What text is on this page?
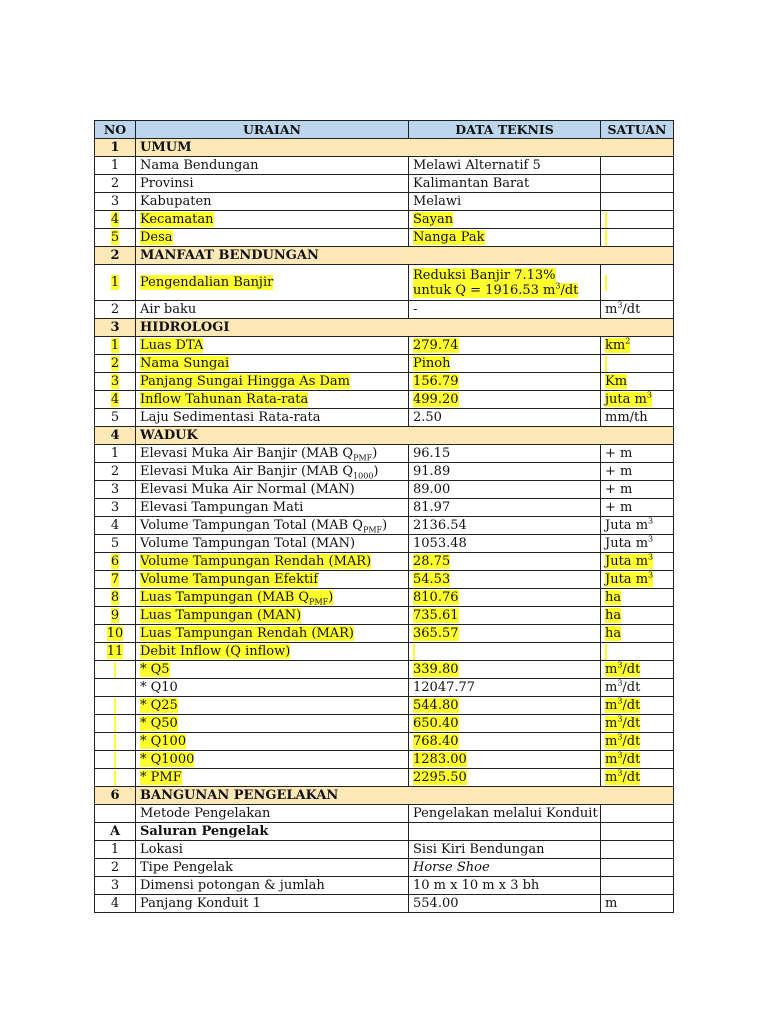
NO	URAIAN	DATA TEKNIS	SATUAN
1	UMUM		
1	Nama Bendungan	Melawi Alternatif 5	
2	Provinsi	Kalimantan Barat	
3	Kabupaten	Melawi	
4	Kecamatan	Sayan	
5	Desa	Nanga Pak	
2	MANFAAT BENDUNGAN		
1	Pengendalian Banjir	Reduksi Banjir 7.13%
untuk Q = 1916.53 $m^3/dt$	
2	Air baku	-	$m^3/dt$
3	HIDROLOGI		
1	Luas DTA	279.74	$km^2$
2	Nama Sungai	Pinoh	
3	Panjang Sungai Hingga As Dam	156.79	Km
4	Inflow Tahunan Rata-rata	499.20	juta $m^3$
5	Laju Sedimentasi Rata-rata	2.50	mm/th
4	WADUK		
1	Elevasi Muka Air Banjir (MAB $Q_{PMF}$)	96.15	+ m
2	Elevasi Muka Air Banjir (MAB $Q_{1000}$)	91.89	+ m
3	Elevasi Muka Air Normal (MAN)	89.00	+ m
3	Elevasi Tampungan Mati	81.97	+ m
4	Volume Tampungan Total (MAB $Q_{PMF}$)	2136.54	Juta $m^3$
5	Volume Tampungan Total (MAN)	1053.48	Juta $m^3$
6	Volume Tampungan Rendah (MAR)	28.75	Juta $m^3$
7	Volume Tampungan Efektif	54.53	Juta $m^3$
8	Luas Tampungan (MAB $Q_{PMF}$)	810.76	ha
9	Luas Tampungan (MAN)	735.61	ha
10	Luas Tampungan Rendah (MAR)	365.57	ha
11	Debit Inflow (Q inflow)		
	* Q5	339.80	$m^3/dt$
	* Q10	12047.77	$m^3/dt$
	* Q25	544.80	$m^3/dt$
	* Q50	650.40	$m^3/dt$
	* Q100	768.40	$m^3/dt$
	* Q1000	1283.00	$m^3/dt$
	* PMF	2295.50	$m^3/dt$
6	BANGUNAN PENGELAKAN		
	Metode Pengelakan	Pengelakan melalui Konduit	
A	Saluran Pengelak		
1	Lokasi	Sisi Kiri Bendungan	
2	Tipe Pengelak	Horse Shoe	
3	Dimensi potongan & jumlah	10 m x 10 m x 3 bh	
4	Panjang Konduit 1	554.00	m
